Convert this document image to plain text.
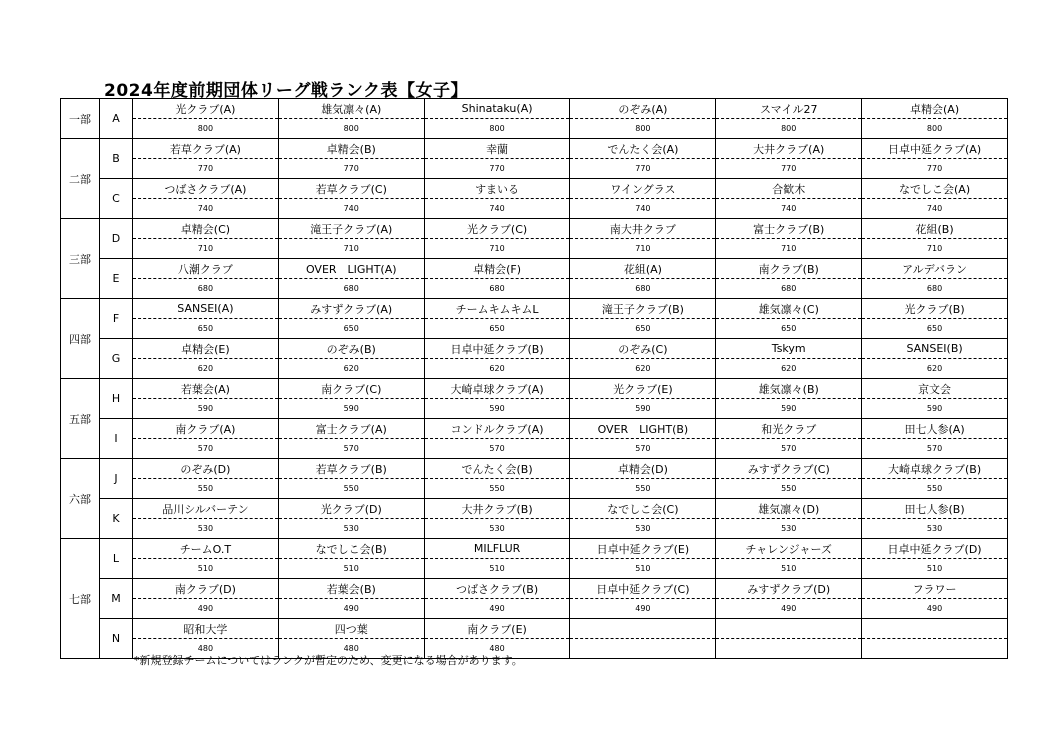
2024年度前期団体リーグ戦ランク表【女子】
一部	A	光クラブ(A)	雄気凛々(A)	Shinataku(A)	のぞみ(A)	スマイル27	卓精会(A)
		800	800	800	800	800	800
二部	B	若草クラブ(A)	卓精会(B)	幸蘭	でんたく会(A)	大井クラブ(A)	日卓中延クラブ(A)
		770	770	770	770	770	770
	C	つばさクラブ(A)	若草クラブ(C)	すまいる	ワイングラス	合歓木	なでしこ会(A)
		740	740	740	740	740	740
三部	D	卓精会(C)	滝王子クラブ(A)	光クラブ(C)	南大井クラブ	富士クラブ(B)	花組(B)
		710	710	710	710	710	710
	E	八潮クラブ	OVER　LIGHT(A)	卓精会(F)	花組(A)	南クラブ(B)	アルデバラン
		680	680	680	680	680	680
四部	F	SANSEI(A)	みすずクラブ(A)	チームキムキムL	滝王子クラブ(B)	雄気凛々(C)	光クラブ(B)
		650	650	650	650	650	650
	G	卓精会(E)	のぞみ(B)	日卓中延クラブ(B)	のぞみ(C)	Tskym	SANSEI(B)
		620	620	620	620	620	620
五部	H	若葉会(A)	南クラブ(C)	大崎卓球クラブ(A)	光クラブ(E)	雄気凛々(B)	京文会
		590	590	590	590	590	590
	I	南クラブ(A)	富士クラブ(A)	コンドルクラブ(A)	OVER　LIGHT(B)	和光クラブ	田七人参(A)
		570	570	570	570	570	570
六部	J	のぞみ(D)	若草クラブ(B)	でんたく会(B)	卓精会(D)	みすずクラブ(C)	大崎卓球クラブ(B)
		550	550	550	550	550	550
	K	品川シルバーテン	光クラブ(D)	大井クラブ(B)	なでしこ会(C)	雄気凛々(D)	田七人参(B)
		530	530	530	530	530	530
七部	L	チームO.T	なでしこ会(B)	MILFLUR	日卓中延クラブ(E)	チャレンジャーズ	日卓中延クラブ(D)
		510	510	510	510	510	510
	M	南クラブ(D)	若葉会(B)	つばさクラブ(B)	日卓中延クラブ(C)	みすずクラブ(D)	フラワー
		490	490	490	490	490	490
	N	昭和大学	四つ葉	南クラブ(E)			
		480	480	480			
*新規登録チームについてはランクが暫定のため、変更になる場合があります。
